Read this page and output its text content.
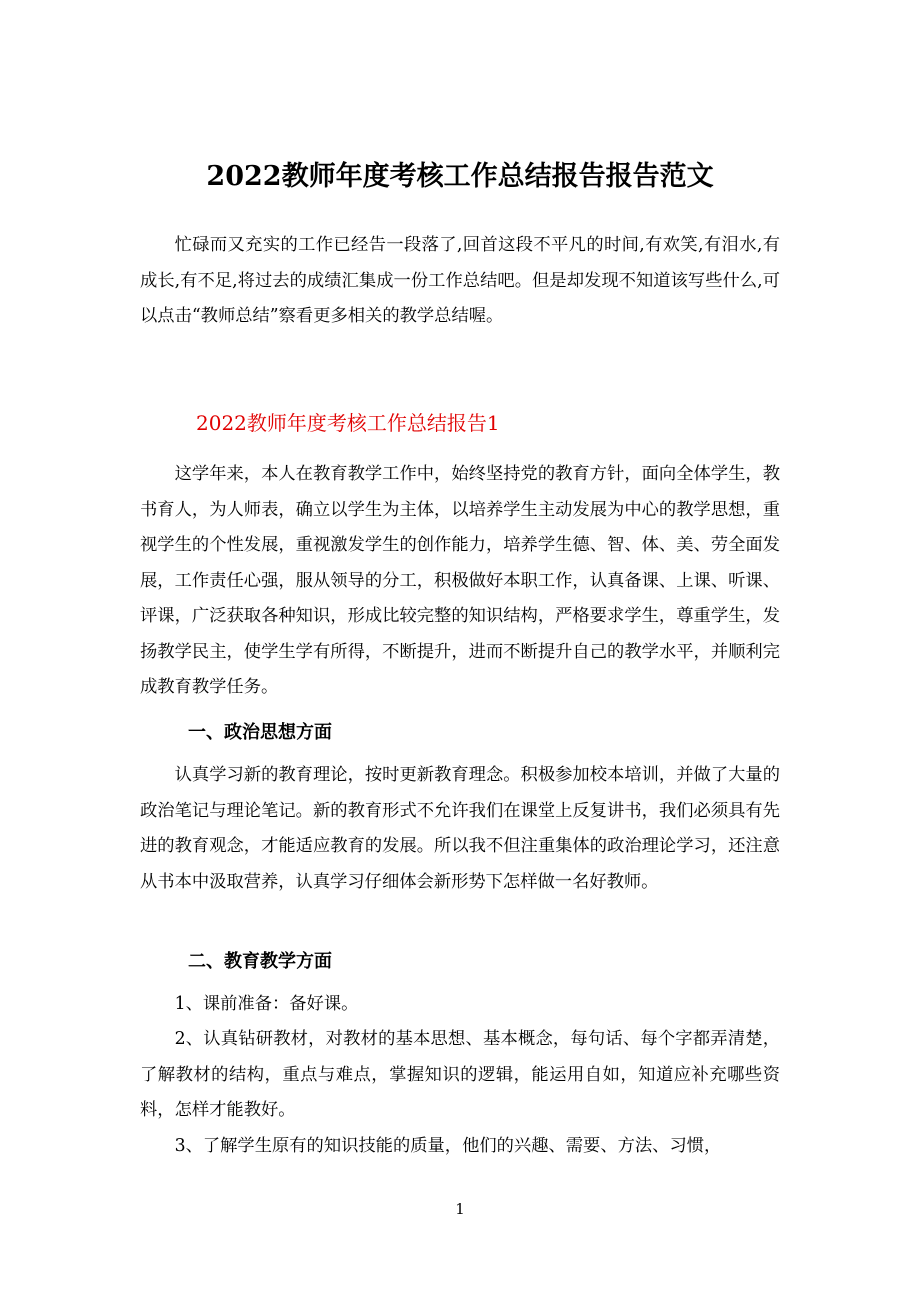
2022教师年度考核工作总结报告报告范文
忙碌而又充实的工作已经告一段落了,回首这段不平凡的时间,有欢笑,有泪水,有成长,有不足,将过去的成绩汇集成一份工作总结吧。但是却发现不知道该写些什么,可以点击“教师总结”察看更多相关的教学总结喔。
2022教师年度考核工作总结报告1
这学年来，本人在教育教学工作中，始终坚持党的教育方针，面向全体学生，教书育人，为人师表，确立以学生为主体，以培养学生主动发展为中心的教学思想，重视学生的个性发展，重视激发学生的创作能力，培养学生德、智、体、美、劳全面发展，工作责任心强，服从领导的分工，积极做好本职工作，认真备课、上课、听课、评课，广泛获取各种知识，形成比较完整的知识结构，严格要求学生，尊重学生，发扬教学民主，使学生学有所得，不断提升，进而不断提升自己的教学水平，并顺利完成教育教学任务。
一、政治思想方面
认真学习新的教育理论，按时更新教育理念。积极参加校本培训，并做了大量的政治笔记与理论笔记。新的教育形式不允许我们在课堂上反复讲书，我们必须具有先进的教育观念，才能适应教育的发展。所以我不但注重集体的政治理论学习，还注意从书本中汲取营养，认真学习仔细体会新形势下怎样做一名好教师。
二、教育教学方面
1、课前准备：备好课。
2、认真钻研教材，对教材的基本思想、基本概念，每句话、每个字都弄清楚，了解教材的结构，重点与难点，掌握知识的逻辑，能运用自如，知道应补充哪些资料，怎样才能教好。
3、了解学生原有的知识技能的质量，他们的兴趣、需要、方法、习惯，
1
